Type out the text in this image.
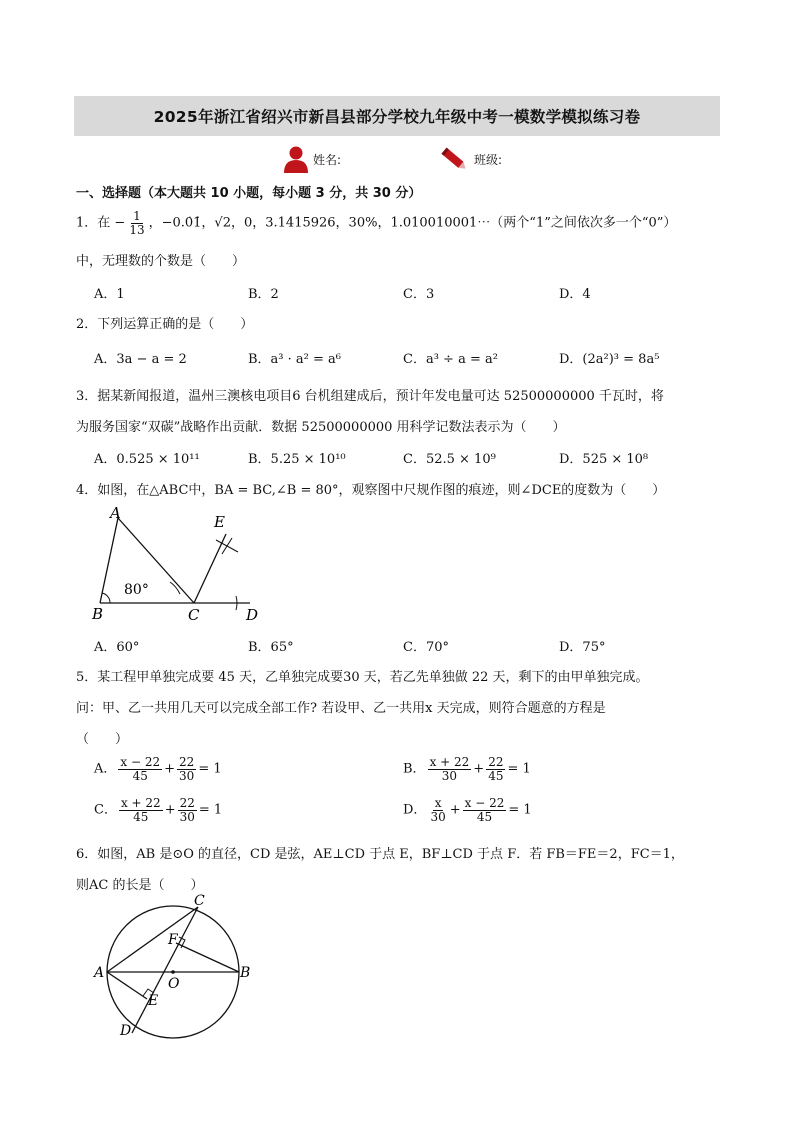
2025年浙江省绍兴市新昌县部分学校九年级中考一模数学模拟练习卷
姓名:	班级:
一、选择题（本大题共 10 小题，每小题 3 分，共 30 分）
1．在 − $\frac{1}{13}$ ，−0.0̇1̇，√2，0，3.1415926，30%，1.010010001⋯（两个“1”之间依次多一个“0”）
中，无理数的个数是（　　）
A．1	B．2	C．3	D．4
2．下列运算正确的是（　　）
A．3a − a = 2	B．a³ · a² = a⁶	C．a³ ÷ a = a²	D．(2a²)³ = 8a⁵
3．据某新闻报道，温州三澳核电项目6 台机组建成后，预计年发电量可达 52500000000 千瓦时，将
为服务国家“双碳”战略作出贡献．数据 52500000000 用科学记数法表示为（　　）
A．0.525 × 10¹¹	B．5.25 × 10¹⁰	C．52.5 × 10⁹	D．525 × 10⁸
4．如图，在△ABC中，BA = BC,∠B = 80°，观察图中尺规作图的痕迹，则∠DCE的度数为（　　）
A
B	C	D
E
80°
A．60°	B．65°	C．70°	D．75°
5．某工程甲单独完成要 45 天，乙单独完成要30 天，若乙先单独做 22 天，剩下的由甲单独完成。
问：甲、乙一共用几天可以完成全部工作? 若设甲、乙一共用x 天完成，则符合题意的方程是
（　　）
A． $\frac{x - 22}{45} + \frac{22}{30} = 1$	B． $\frac{x + 22}{30} + \frac{22}{45} = 1$
C． $\frac{x + 22}{45} + \frac{22}{30} = 1$	D． $\frac{x}{30} + \frac{x - 22}{45} = 1$
6．如图，AB 是⊙O 的直径，CD 是弦，AE⊥CD 于点 E，BF⊥CD 于点 F．若 FB＝FE＝2，FC＝1，
则AC 的长是（　　）
A	B
C
D
E
F
O
